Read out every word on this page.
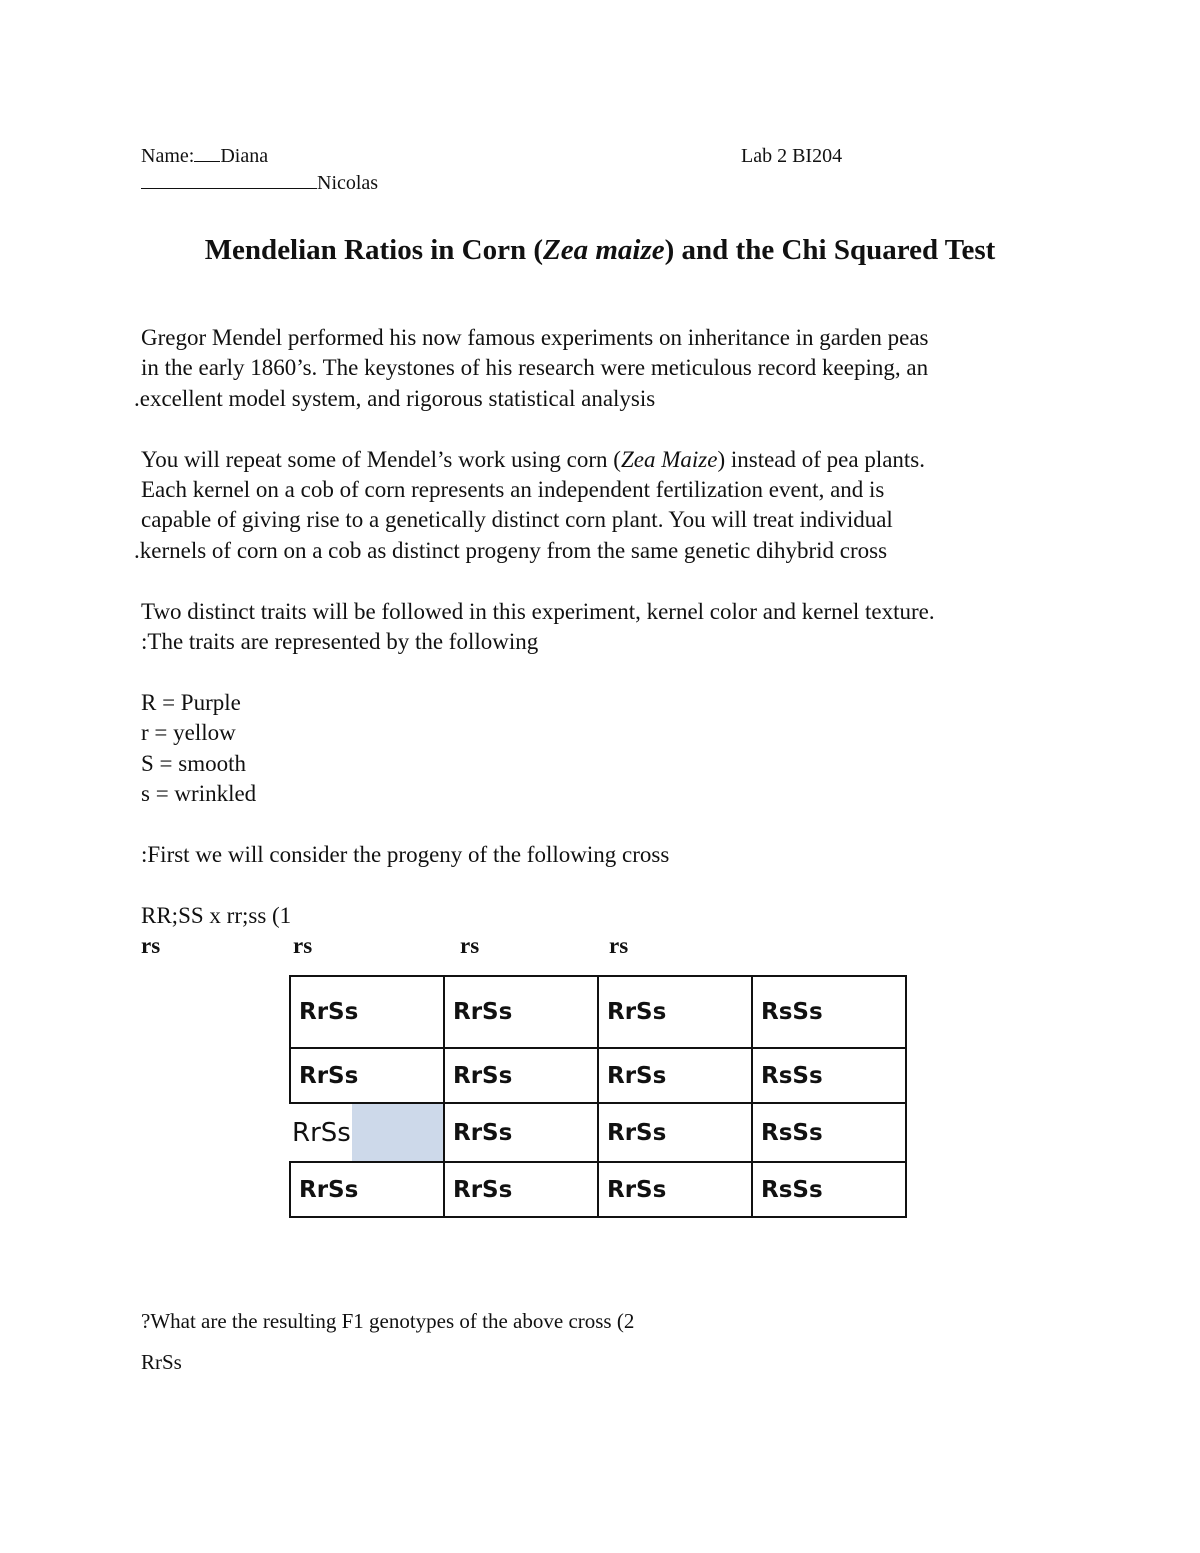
Name: Diana	Lab 2 BI204
Nicolas
Mendelian Ratios in Corn (Zea maize) and the Chi Squared Test
Gregor Mendel performed his now famous experiments on inheritance in garden peas
in the early 1860’s. The keystones of his research were meticulous record keeping, an
.excellent model system, and rigorous statistical analysis
You will repeat some of Mendel’s work using corn (Zea Maize) instead of pea plants.
Each kernel on a cob of corn represents an independent fertilization event, and is
capable of giving rise to a genetically distinct corn plant. You will treat individual
.kernels of corn on a cob as distinct progeny from the same genetic dihybrid cross
Two distinct traits will be followed in this experiment, kernel color and kernel texture.
:The traits are represented by the following
R = Purple
r = yellow
S = smooth
s = wrinkled
:First we will consider the progeny of the following cross
RR;SS x rr;ss (1
rs	rs	rs	rs
RrSs	RrSs	RrSs	RsSs
RrSs	RrSs	RrSs	RsSs

RrSs	RrSs	RrSs	RsSs
RrSs	RrSs	RrSs	RsSs
?What are the resulting F1 genotypes of the above cross (2
RrSs
